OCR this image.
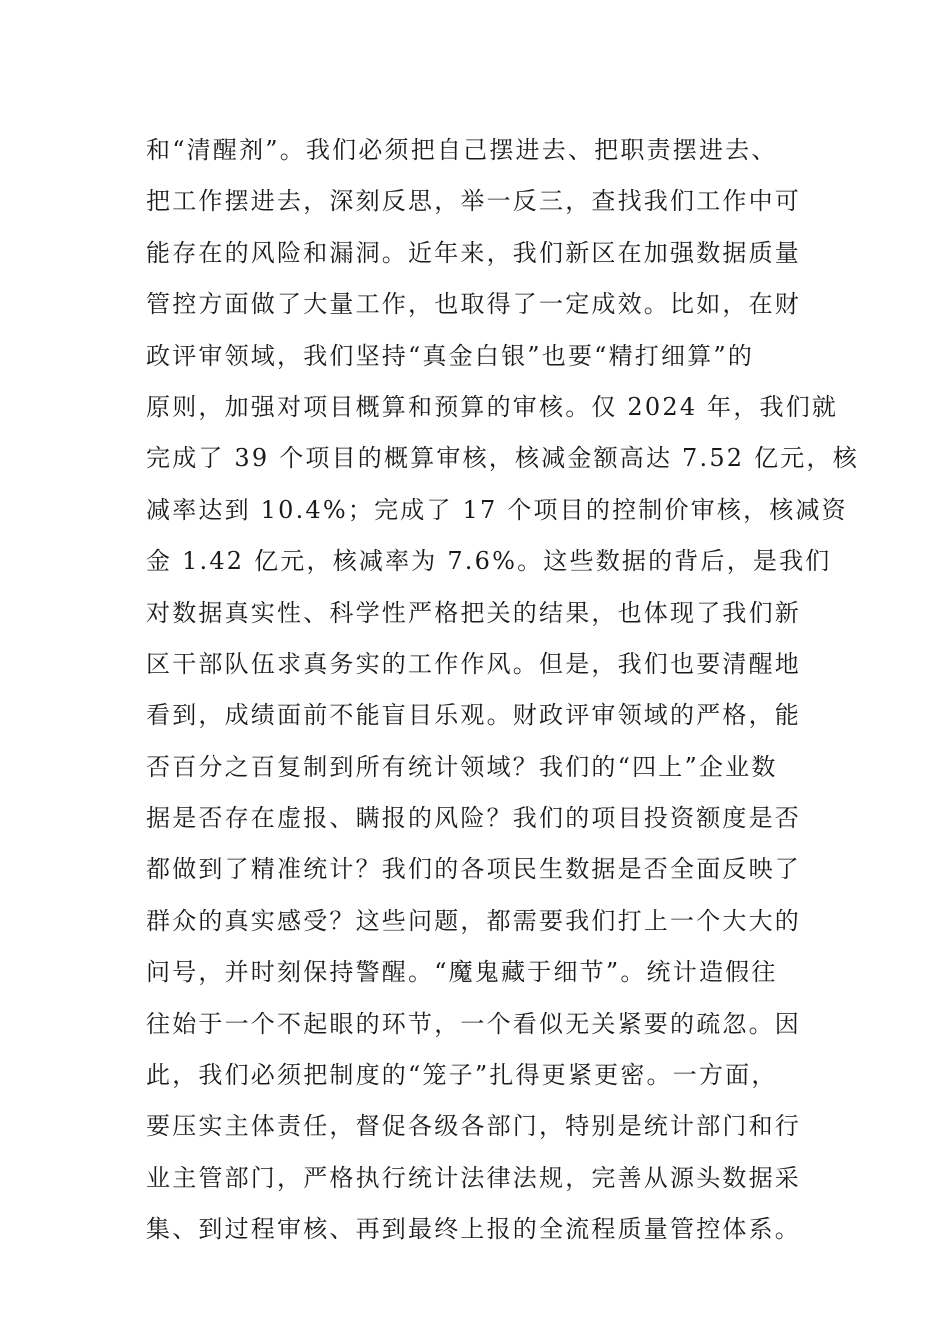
和“清醒剂”。我们必须把自己摆进去、把职责摆进去、
把工作摆进去，深刻反思，举一反三，查找我们工作中可
能存在的风险和漏洞。近年来，我们新区在加强数据质量
管控方面做了大量工作，也取得了一定成效。比如，在财
政评审领域，我们坚持“真金白银”也要“精打细算”的
原则，加强对项目概算和预算的审核。仅 2024 年，我们就
完成了 39 个项目的概算审核，核减金额高达 7.52 亿元，核
减率达到 10.4%；完成了 17 个项目的控制价审核，核减资
金 1.42 亿元，核减率为 7.6%。这些数据的背后，是我们
对数据真实性、科学性严格把关的结果，也体现了我们新
区干部队伍求真务实的工作作风。但是，我们也要清醒地
看到，成绩面前不能盲目乐观。财政评审领域的严格，能
否百分之百复制到所有统计领域？我们的“四上”企业数
据是否存在虚报、瞒报的风险？我们的项目投资额度是否
都做到了精准统计？我们的各项民生数据是否全面反映了
群众的真实感受？这些问题，都需要我们打上一个大大的
问号，并时刻保持警醒。“魔鬼藏于细节”。统计造假往
往始于一个不起眼的环节，一个看似无关紧要的疏忽。因
此，我们必须把制度的“笼子”扎得更紧更密。一方面，
要压实主体责任，督促各级各部门，特别是统计部门和行
业主管部门，严格执行统计法律法规，完善从源头数据采
集、到过程审核、再到最终上报的全流程质量管控体系。
